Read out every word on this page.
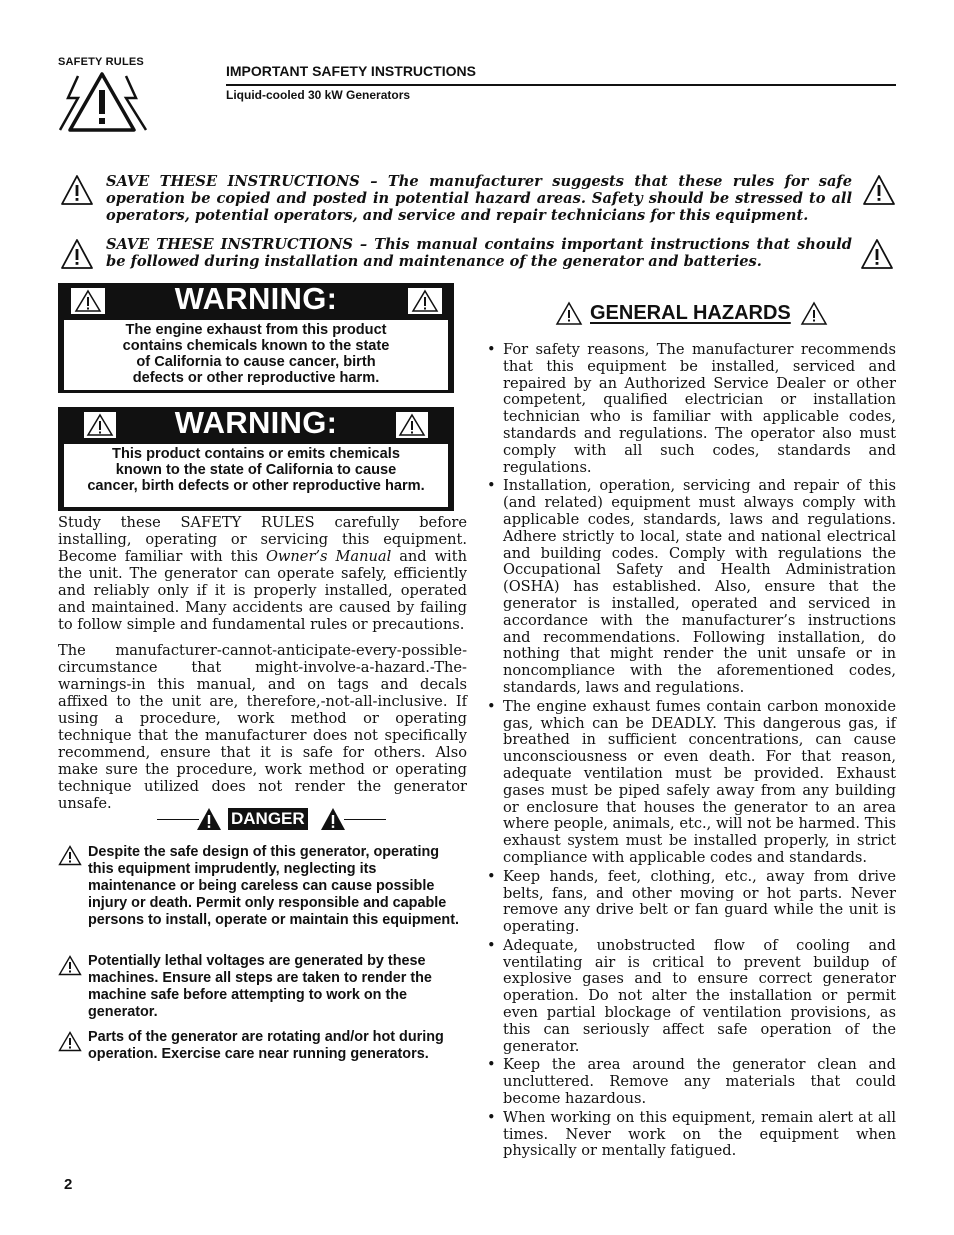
SAFETY RULES
IMPORTANT SAFETY INSTRUCTIONS
Liquid-cooled 30 kW Generators
SAVE THESE INSTRUCTIONS – The manufacturer suggests that these rules for safe operation be copied and posted in potential hazard areas. Safety should be stressed to all operators, potential operators, and service and repair technicians for this equipment.
SAVE THESE INSTRUCTIONS – This manual contains important instructions that should be followed during installation and maintenance of the generator and batteries.
WARNING:
The engine exhaust from this product
contains chemicals known to the state
of California to cause cancer, birth
defects or other reproductive harm.
WARNING:
This product contains or emits chemicals
known to the state of California to cause
cancer, birth defects or other reproductive harm.
Study these SAFETY RULES carefully before installing, operating or servicing this equipment. Become familiar with this Owner’s Manual and with the unit. The generator can operate safely, efficiently and reliably only if it is properly installed, operated and maintained. Many accidents are caused by failing to follow simple and fundamental rules or precautions.
The manufacturer-cannot-anticipate-every-possible-circumstance that might-involve-a-hazard.-The-warnings-in this manual, and on tags and decals affixed to the unit are, therefore,-not-all-inclusive. If using a procedure, work method or operating technique that the manufacturer does not specifically recommend, ensure that it is safe for others. Also make sure the procedure, work method or operating technique utilized does not render the generator unsafe.
DANGER
Despite the safe design of this generator, operating this equipment imprudently, neglecting its maintenance or being careless can cause possible injury or death. Permit only responsible and capable persons to install, operate or maintain this equipment.
Potentially lethal voltages are generated by these machines. Ensure all steps are taken to render the machine safe before attempting to work on the generator.
Parts of the generator are rotating and/or hot during operation. Exercise care near running generators.
GENERAL HAZARDS
• For safety reasons, The manufacturer recommends that this equipment be installed, serviced and repaired by an Authorized Service Dealer or other competent, qualified electrician or installation technician who is familiar with applicable codes, standards and regulations. The operator also must comply with all such codes, standards and regulations.
• Installation, operation, servicing and repair of this (and related) equipment must always comply with applicable codes, standards, laws and regulations. Adhere strictly to local, state and national electrical and building codes. Comply with regulations the Occupational Safety and Health Administration (OSHA) has established. Also, ensure that the generator is installed, operated and serviced in accordance with the manufacturer’s instructions and recommendations. Following installation, do nothing that might render the unit unsafe or in noncompliance with the aforementioned codes, standards, laws and regulations.
• The engine exhaust fumes contain carbon monoxide gas, which can be DEADLY. This dangerous gas, if breathed in sufficient concentrations, can cause unconsciousness or even death. For that reason, adequate ventilation must be provided. Exhaust gases must be piped safely away from any building or enclosure that houses the generator to an area where people, animals, etc., will not be harmed. This exhaust system must be installed properly, in strict compliance with applicable codes and standards.
• Keep hands, feet, clothing, etc., away from drive belts, fans, and other moving or hot parts. Never remove any drive belt or fan guard while the unit is operating.
• Adequate, unobstructed flow of cooling and ventilating air is critical to prevent buildup of explosive gases and to ensure correct generator operation. Do not alter the installation or permit even partial blockage of ventilation provisions, as this can seriously affect safe operation of the generator.
• Keep the area around the generator clean and uncluttered. Remove any materials that could become hazardous.
• When working on this equipment, remain alert at all times. Never work on the equipment when physically or mentally fatigued.
2
